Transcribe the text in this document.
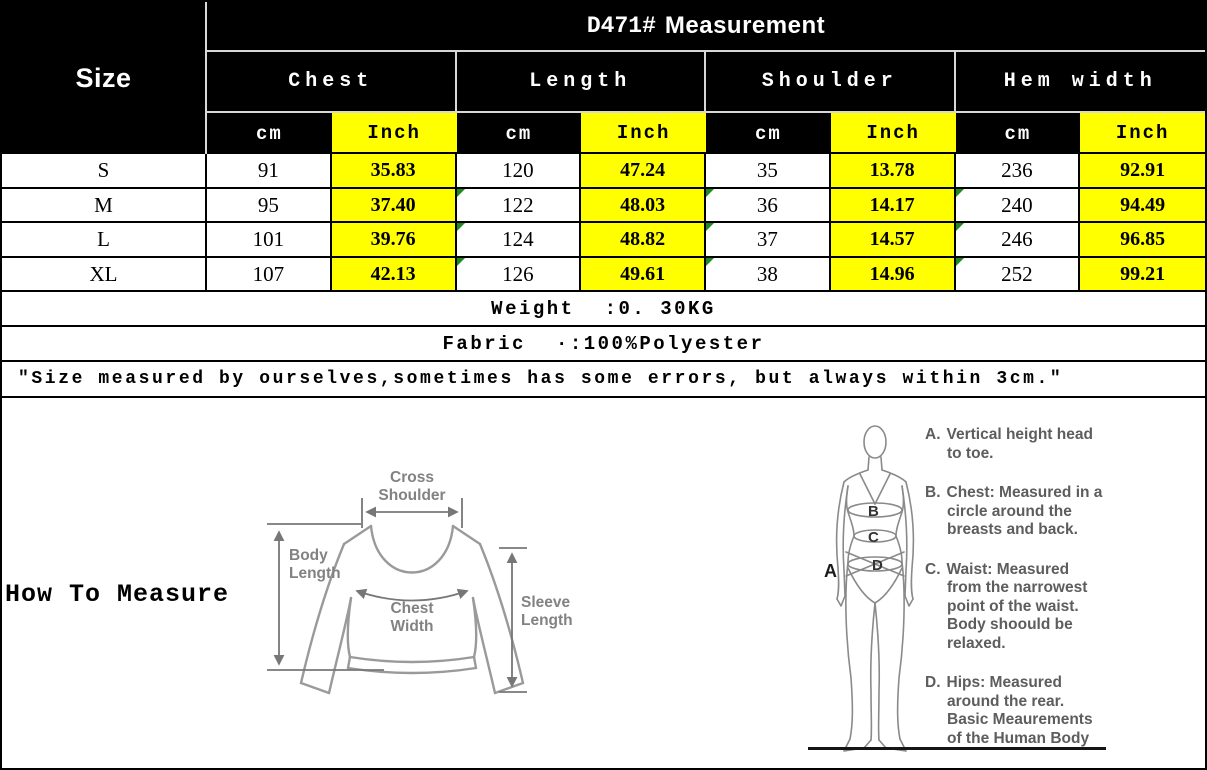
Size
D471# Measurement
Chest	Length	Shoulder	Hem width
cm	Inch	cm	Inch	cm	Inch	cm	Inch
S	91	35.83	120	47.24	35	13.78	236	92.91
M	95	37.40	122	48.03	36	14.17	240	94.49
L	101	39.76	124	48.82	37	14.57	246	96.85
XL	107	42.13	126	49.61	38	14.96	252	99.21
Weight :0. 30KG
Fabric ·:100%Polyester
″Size measured by ourselves,sometimes has some errors, but always within 3cm.″
How To Measure
Cross
Shoulder
Chest
Width
Body
Length
Sleeve
Length
A
B
C
D
A. Vertical height head
to toe.
B. Chest: Measured in a
circle around the
breasts and back.
C. Waist: Measured
from the narrowest
point of the waist.
Body shoould be
relaxed.
D. Hips: Measured
around the rear.
Basic Meaurements
of the Human Body
